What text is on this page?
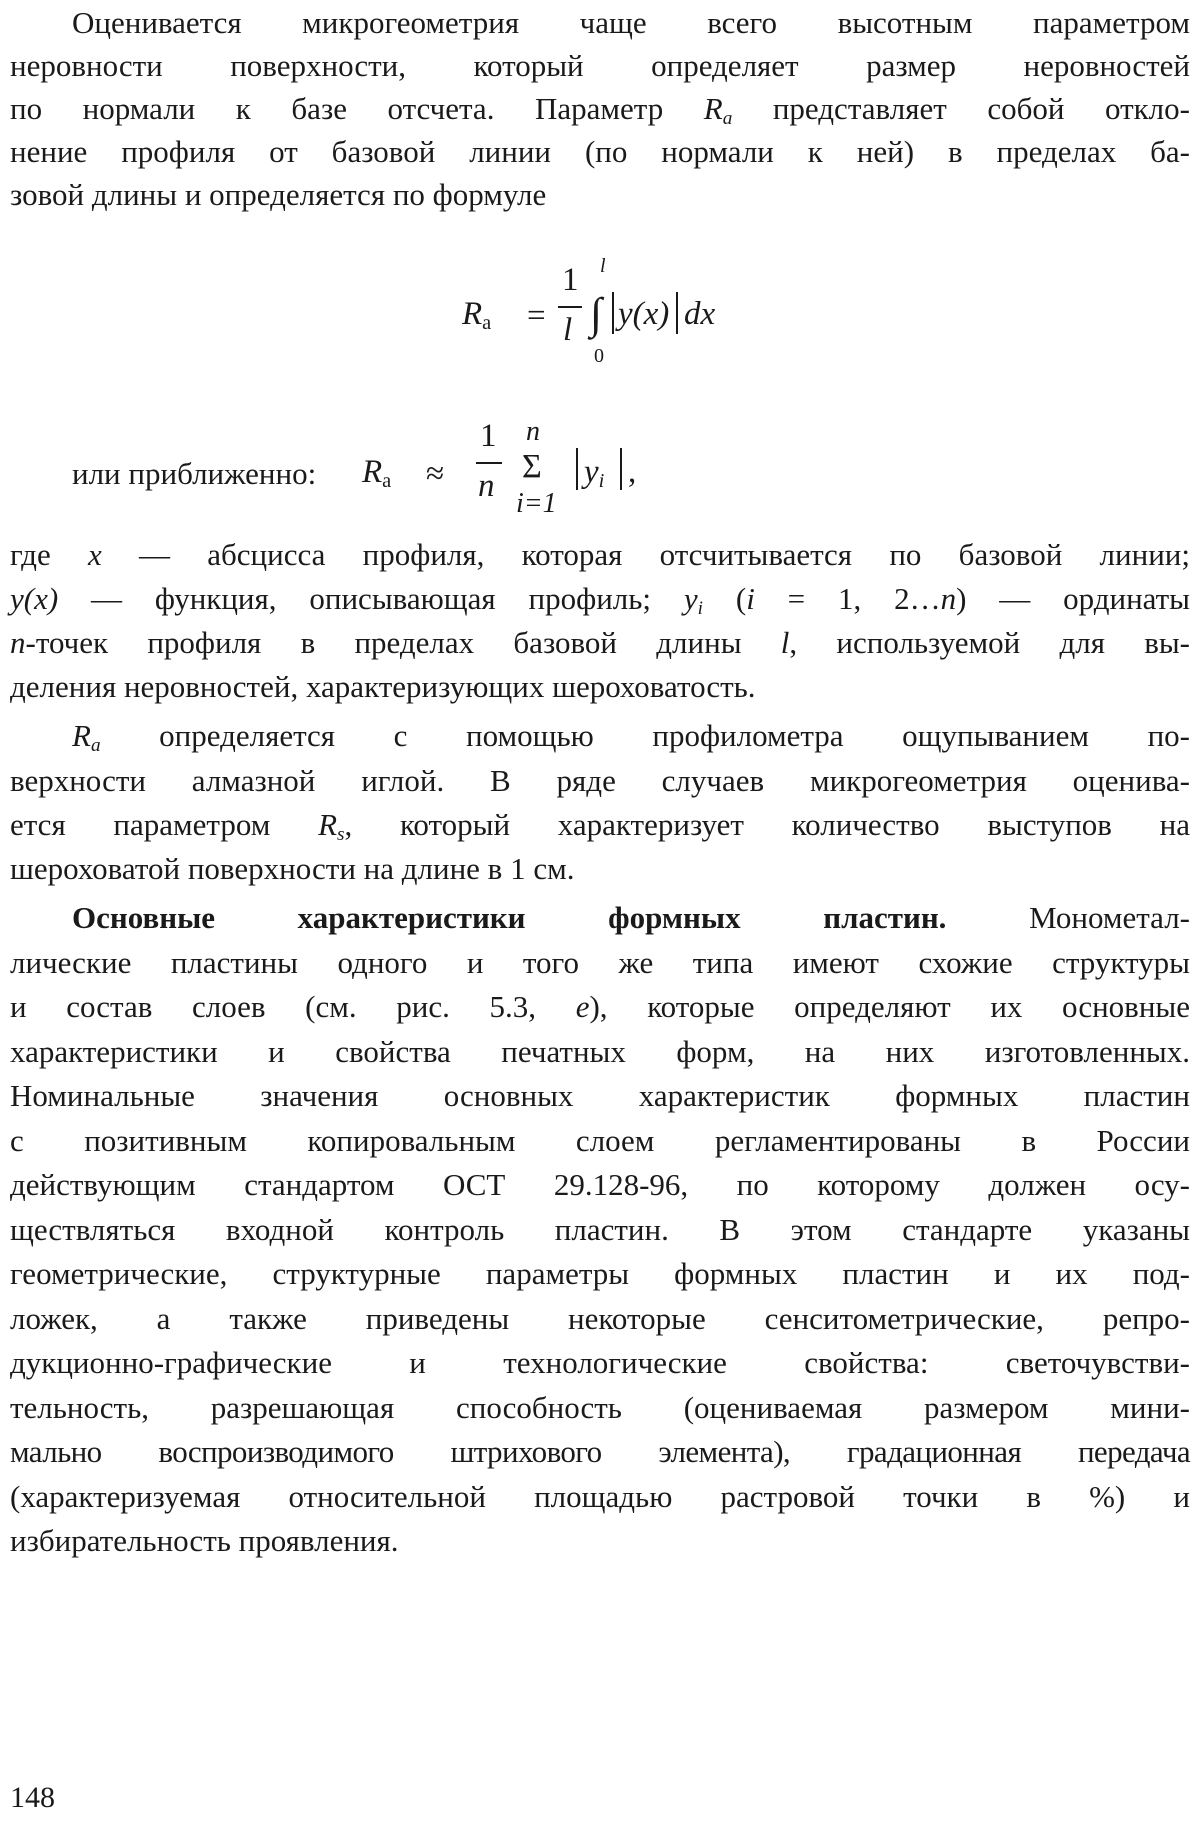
Оценивается микрогеометрия чаще всего высотным параметром
неровности поверхности, который определяет размер неровностей
по нормали к базе отсчета. Параметр $R_a$ представляет собой откло-
нение профиля от базовой линии (по нормали к ней) в пределах ба-
зовой длины и определяется по формуле
$R_а$ =
1
l
l
∫
0
y(x) dx
или приближенно: $R_а$ ≈
1
n
n
Σ
i=1
$y_i$ ,
где x — абсцисса профиля, которая отсчитывается по базовой линии;
y(x) — функция, описывающая профиль; $y_i$ (i = 1, 2…n) — ординаты
n-точек профиля в пределах базовой длины l, используемой для вы-
деления неровностей, характеризующих шероховатость.
$R_a$ определяется с помощью профилометра ощупыванием по-
верхности алмазной иглой. В ряде случаев микрогеометрия оценива-
ется параметром $R_s$, который характеризует количество выступов на
шероховатой поверхности на длине в 1 см.
Основные характеристики формных пластин. Монометал-
лические пластины одного и того же типа имеют схожие структуры
и состав слоев (см. рис. 5.3, е), которые определяют их основные
характеристики и свойства печатных форм, на них изготовленных.
Номинальные значения основных характеристик формных пластин
с позитивным копировальным слоем регламентированы в России
действующим стандартом ОСТ 29.128-96, по которому должен осу-
ществляться входной контроль пластин. В этом стандарте указаны
геометрические, структурные параметры формных пластин и их под-
ложек, а также приведены некоторые сенситометрические, репро-
дукционно-графические и технологические свойства: светочувстви-
тельность, разрешающая способность (оцениваемая размером мини-
мально воспроизводимого штрихового элемента), градационная передача
(характеризуемая относительной площадью растровой точки в %) и
избирательность проявления.
148
